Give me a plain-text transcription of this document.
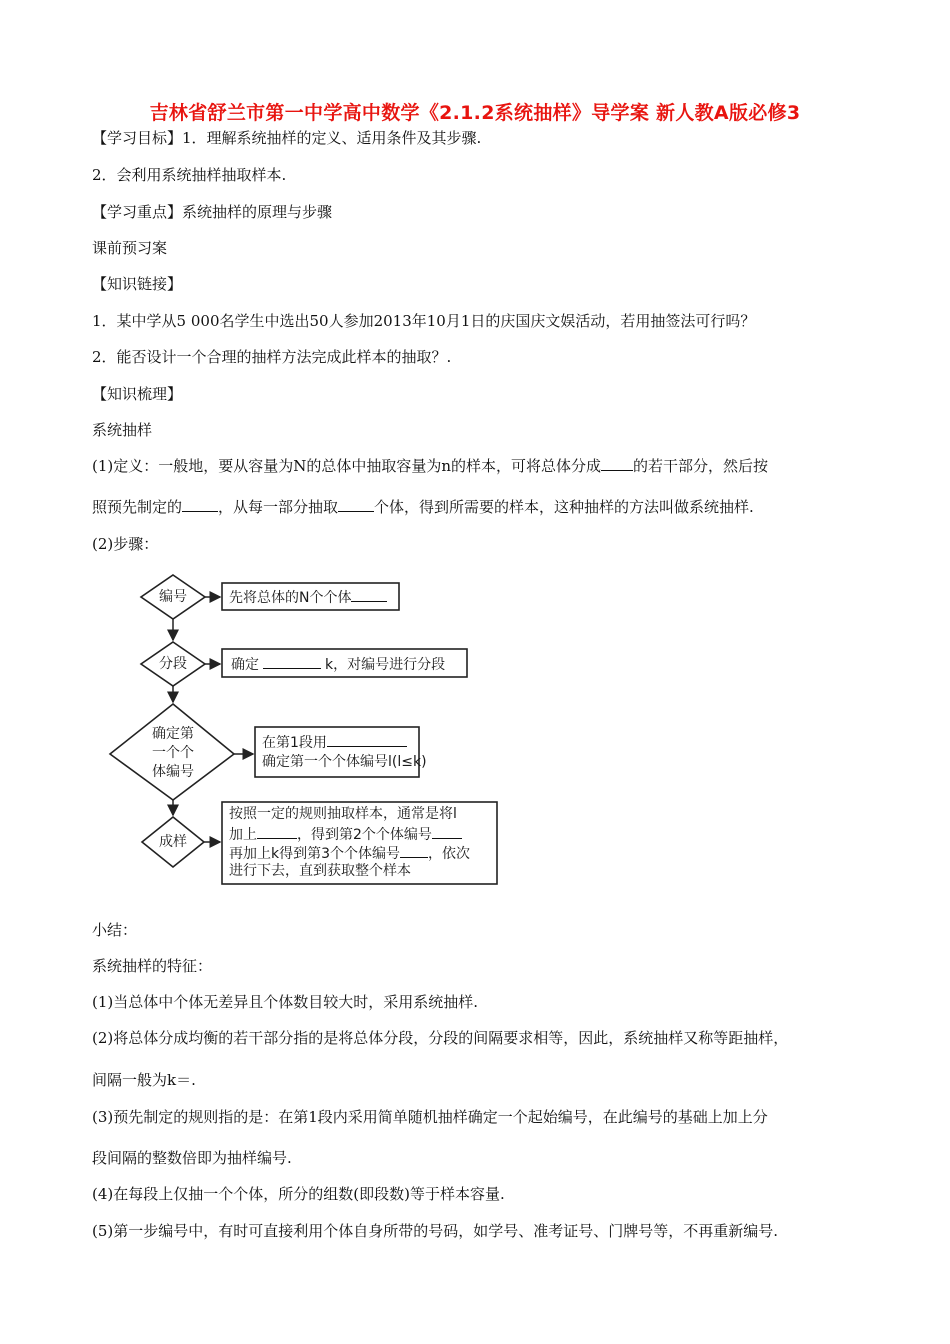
吉林省舒兰市第一中学高中数学《2.1.2系统抽样》导学案 新人教A版必修3
【学习目标】1．理解系统抽样的定义、适用条件及其步骤.
2．会利用系统抽样抽取样本.
【学习重点】系统抽样的原理与步骤
课前预习案
【知识链接】
1．某中学从5 000名学生中选出50人参加2013年10月1日的庆国庆文娱活动，若用抽签法可行吗？
2．能否设计一个合理的抽样方法完成此样本的抽取？.
【知识梳理】
系统抽样
(1)定义：一般地，要从容量为N的总体中抽取容量为n的样本，可将总体分成 的若干部分，然后按
照预先制定的 ，从每一部分抽取 个体，得到所需要的样本，这种抽样的方法叫做系统抽样.
(2)步骤：
编号
分段
确定第
一个个
体编号
成样
先将总体的N个个体
确定	k，对编号进行分段
在第1段用
确定第一个个体编号l(l≤k)
按照一定的规则抽取样本，通常是将l
加上	，得到第2个个体编号
再加上k得到第3个个体编号 ，依次
进行下去，直到获取整个样本
小结：
系统抽样的特征：
(1)当总体中个体无差异且个体数目较大时，采用系统抽样.
(2)将总体分成均衡的若干部分指的是将总体分段，分段的间隔要求相等，因此，系统抽样又称等距抽样，
间隔一般为k＝.
(3)预先制定的规则指的是：在第1段内采用简单随机抽样确定一个起始编号，在此编号的基础上加上分
段间隔的整数倍即为抽样编号.
(4)在每段上仅抽一个个体，所分的组数(即段数)等于样本容量.
(5)第一步编号中，有时可直接利用个体自身所带的号码，如学号、准考证号、门牌号等，不再重新编号.
